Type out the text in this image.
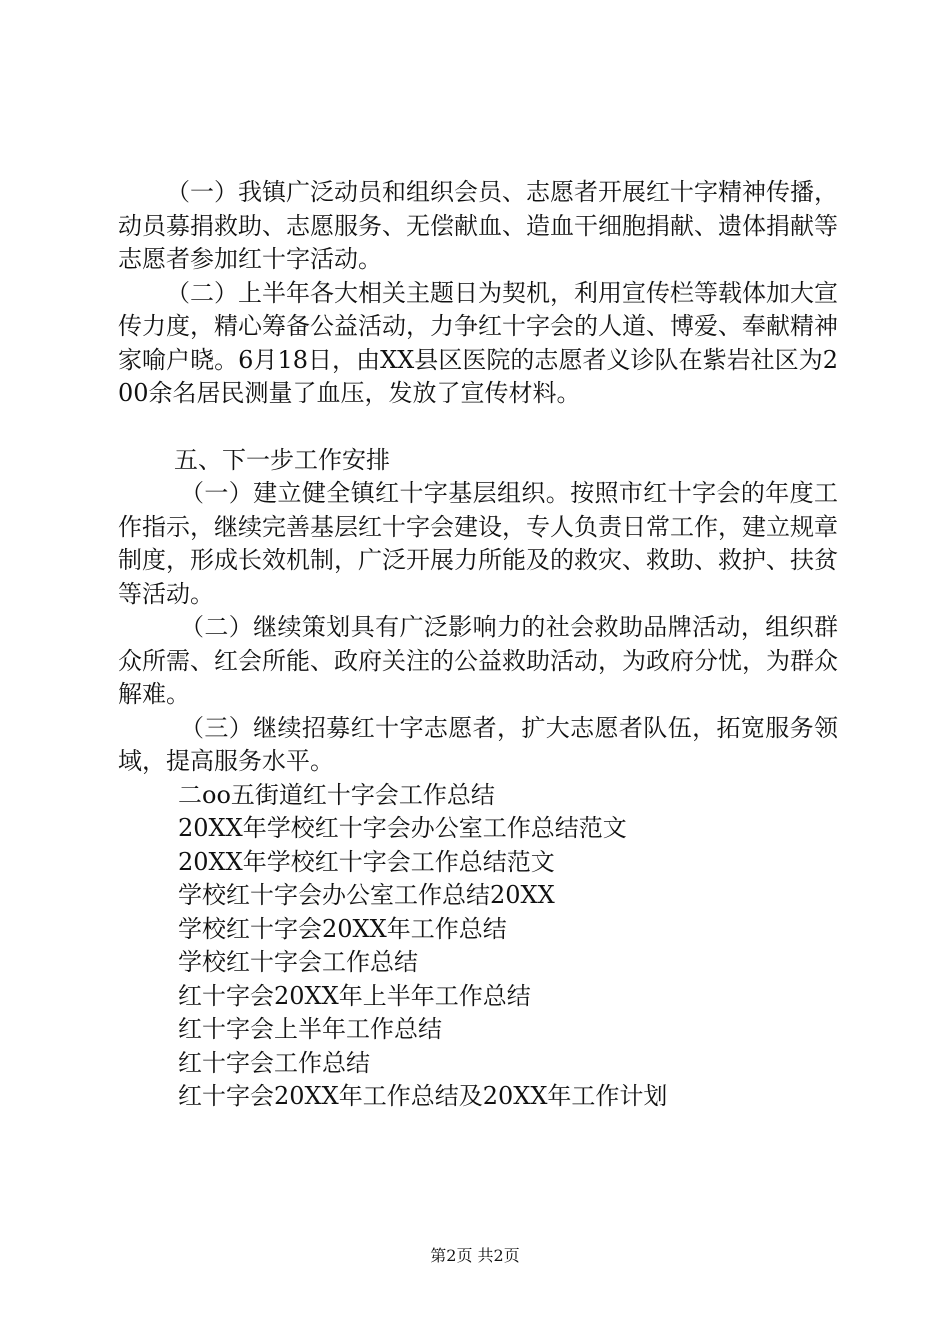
（一）我镇广泛动员和组织会员、志愿者开展红十字精神传播，动员募捐救助、志愿服务、无偿献血、造血干细胞捐献、遗体捐献等志愿者参加红十字活动。

（二）上半年各大相关主题日为契机，利用宣传栏等载体加大宣传力度，精心筹备公益活动，力争红十字会的人道、博爱、奉献精神家喻户晓。6月18日，由XX县区医院的志愿者义诊队在紫岩社区为200余名居民测量了血压，发放了宣传材料。

五、下一步工作安排

（一）建立健全镇红十字基层组织。按照市红十字会的年度工作指示，继续完善基层红十字会建设，专人负责日常工作，建立规章制度，形成长效机制，广泛开展力所能及的救灾、救助、救护、扶贫等活动。

（二）继续策划具有广泛影响力的社会救助品牌活动，组织群众所需、红会所能、政府关注的公益救助活动，为政府分忧，为群众解难。

（三）继续招募红十字志愿者，扩大志愿者队伍，拓宽服务领域，提高服务水平。

二oo五街道红十字会工作总结
20XX年学校红十字会办公室工作总结范文
20XX年学校红十字会工作总结范文
学校红十字会办公室工作总结20XX
学校红十字会20XX年工作总结
学校红十字会工作总结
红十字会20XX年上半年工作总结
红十字会上半年工作总结
红十字会工作总结
红十字会20XX年工作总结及20XX年工作计划
第2页 共2页
